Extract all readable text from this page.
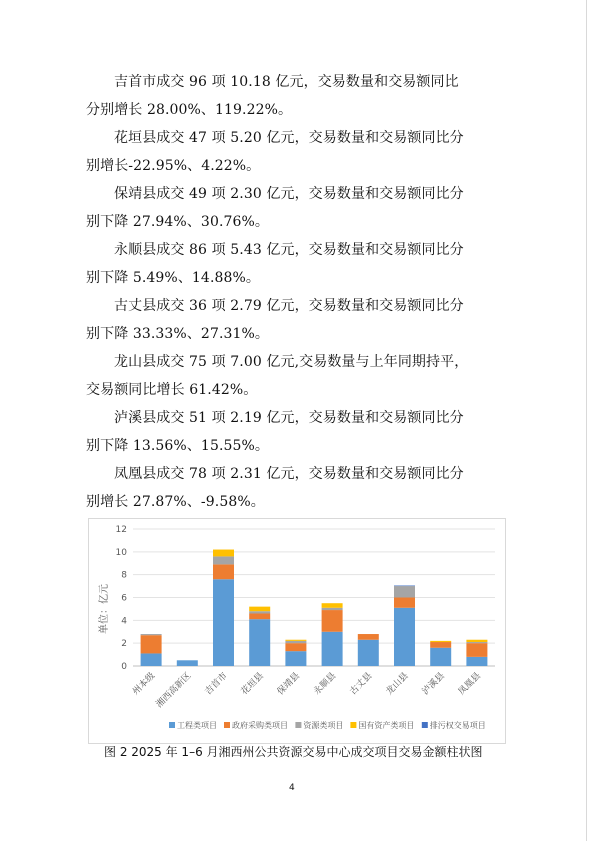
吉首市成交 96 项 10.18 亿元，交易数量和交易额同比

分别增长 28.00%、119.22%。

花垣县成交 47 项 5.20 亿元，交易数量和交易额同比分

别增长-22.95%、4.22%。

保靖县成交 49 项 2.30 亿元，交易数量和交易额同比分

别下降 27.94%、30.76%。

永顺县成交 86 项 5.43 亿元，交易数量和交易额同比分

别下降 5.49%、14.88%。

古丈县成交 36 项 2.79 亿元，交易数量和交易额同比分

别下降 33.33%、27.31%。

龙山县成交 75 项 7.00 亿元,交易数量与上年同期持平，

交易额同比增长 61.42%。

泸溪县成交 51 项 2.19 亿元，交易数量和交易额同比分

别下降 13.56%、15.55%。

凤凰县成交 78 项 2.31 亿元，交易数量和交易额同比分

别增长 27.87%、-9.58%。

0
2
4
6
8
10
12
单位：亿元
州本级
湘西高新区 吉首市 花垣县 保靖县 永顺县 古丈县 龙山县 泸溪县 凤凰县
工程类项目 政府采购类项目 资源类项目 国有资产类项目 排污权交易项目
图 2 2025 年 1–6 月湘西州公共资源交易中心成交项目交易金额柱状图
4
